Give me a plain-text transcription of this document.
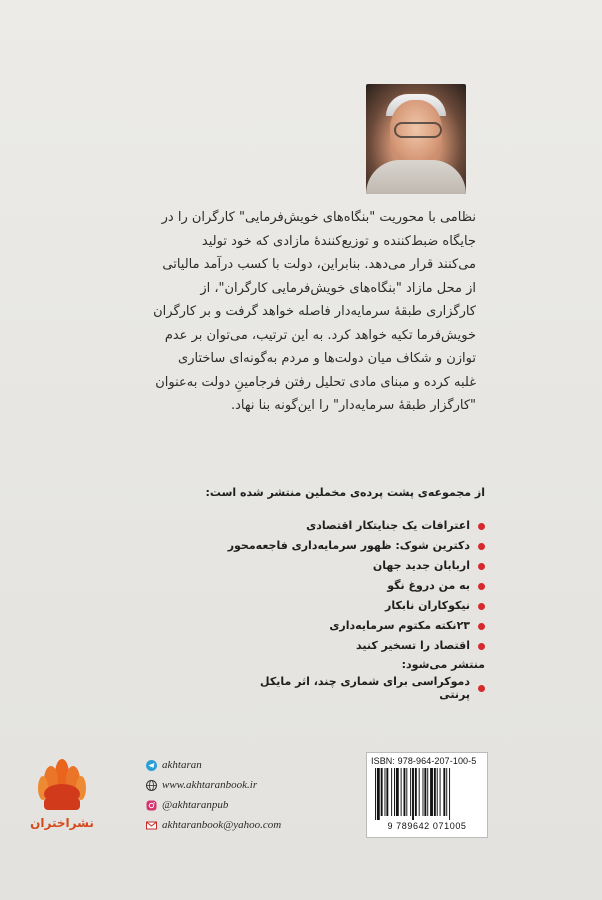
نظامی با محوریت "بنگاه‌های خویش‌فرمایی" کارگران را در
جایگاه ضبط‌کننده و توزیع‌کنندهٔ مازادی که خود تولید
می‌کنند قرار می‌دهد. بنابراین، دولت با کسب درآمد مالیاتی
از محل مازاد "بنگاه‌های خویش‌فرمایی کارگران"، از
کارگزاری طبقهٔ سرمایه‌دار فاصله خواهد گرفت و بر کارگران
خویش‌فرما تکیه خواهد کرد. به این ترتیب، می‌توان بر عدم
توازن و شکاف میان دولت‌ها و مردم به‌گونه‌ای ساختاری
غلبه کرده و مبنای مادی تحلیل رفتن فرجامینِ دولت به‌عنوان
"کارگزار طبقهٔ سرمایه‌دار" را این‌گونه بنا نهاد.
از مجموعه‌ی پشت پرده‌ی مخملین منتشر شده است:
اعترافات یک جنایتکار اقتصادی
دکترین شوک: ظهور سرمایه‌داری فاجعه‌محور
اربابان جدید جهان
به من دروغ نگو
نیکوکاران نابکار
۲۳نکته مکتوم سرمایه‌داری
اقتصاد را تسخیر کنید
منتشر می‌شود:
دموکراسی برای شماری چند، اثر مایکل پرنتی
نشراختران
akhtaran
www.akhtaranbook.ir
@akhtaranpub
akhtaranbook@yahoo.com
ISBN: 978-964-207-100-5
9 789642 071005
